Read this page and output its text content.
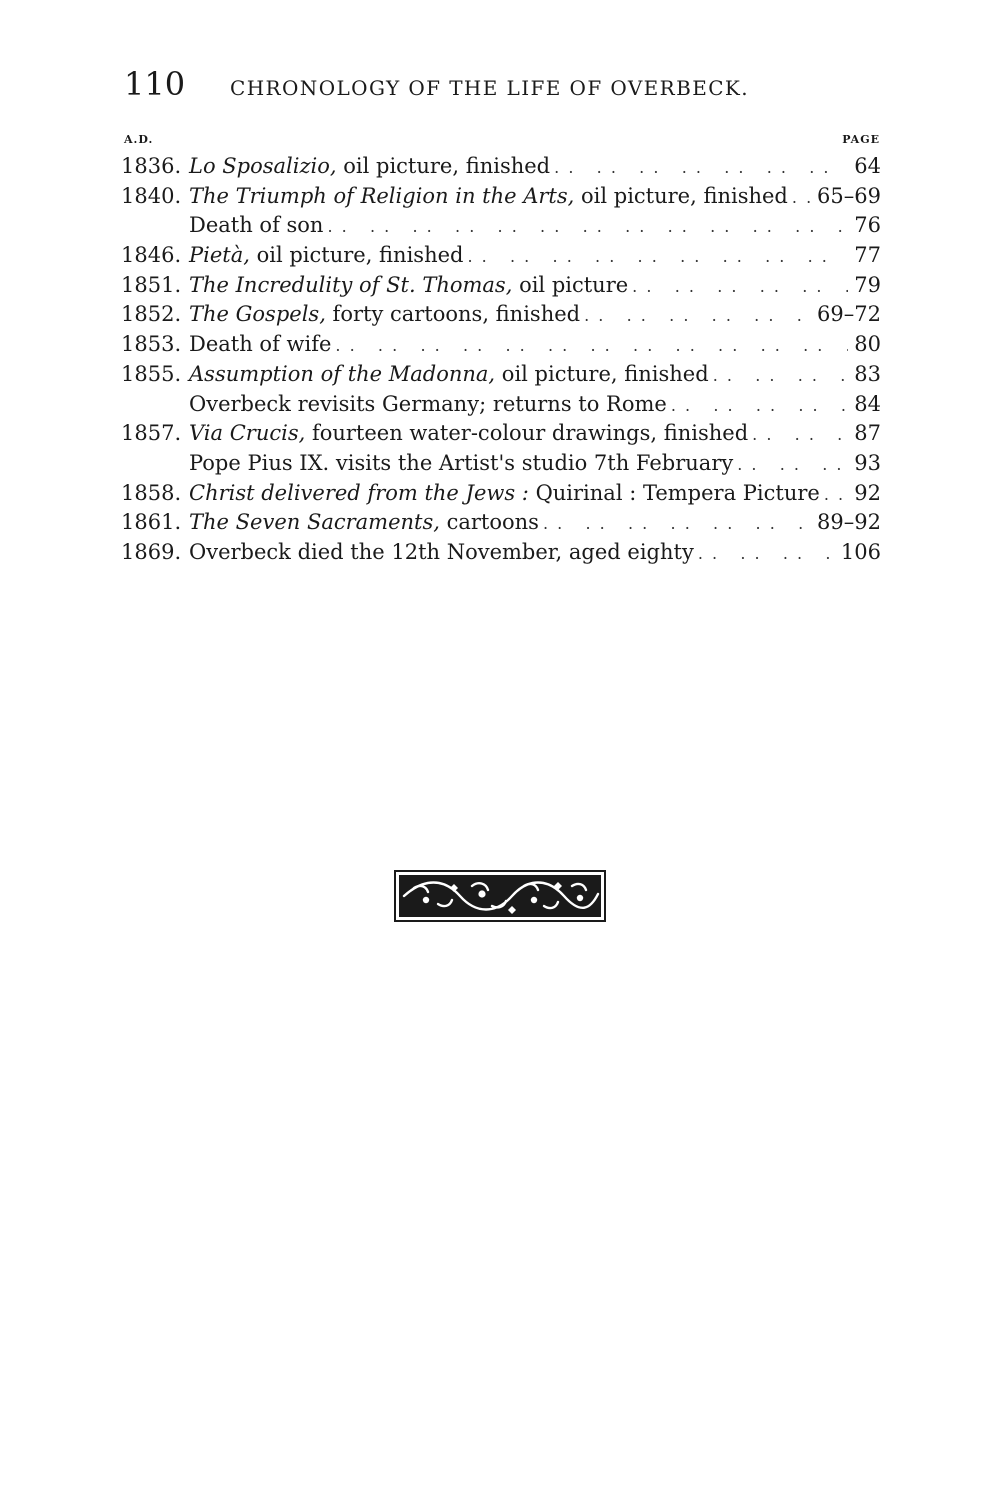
110 CHRONOLOGY OF THE LIFE OF OVERBECK.
A.D.	PAGE
1836. Lo Sposalizio, oil picture, finished . .	64
1840. The Triumph of Religion in the Arts, oil picture, finished . . 65–69
Death of son . .	76
1846. Pietà, oil picture, finished . .	77
1851. The Incredulity of St. Thomas, oil picture . .	79
1852. The Gospels, forty cartoons, finished . .	69–72
1853. Death of wife . .	80
1855. Assumption of the Madonna, oil picture, finished . .	83
Overbeck revisits Germany; returns to Rome . .	84
1857. Via Crucis, fourteen water-colour drawings, finished . .	87
Pope Pius IX. visits the Artist's studio 7th February . .	93
1858. Christ delivered from the Jews : Quirinal : Tempera Picture . . 92
1861. The Seven Sacraments, cartoons . .	89–92
1869. Overbeck died the 12th November, aged eighty . .	106
